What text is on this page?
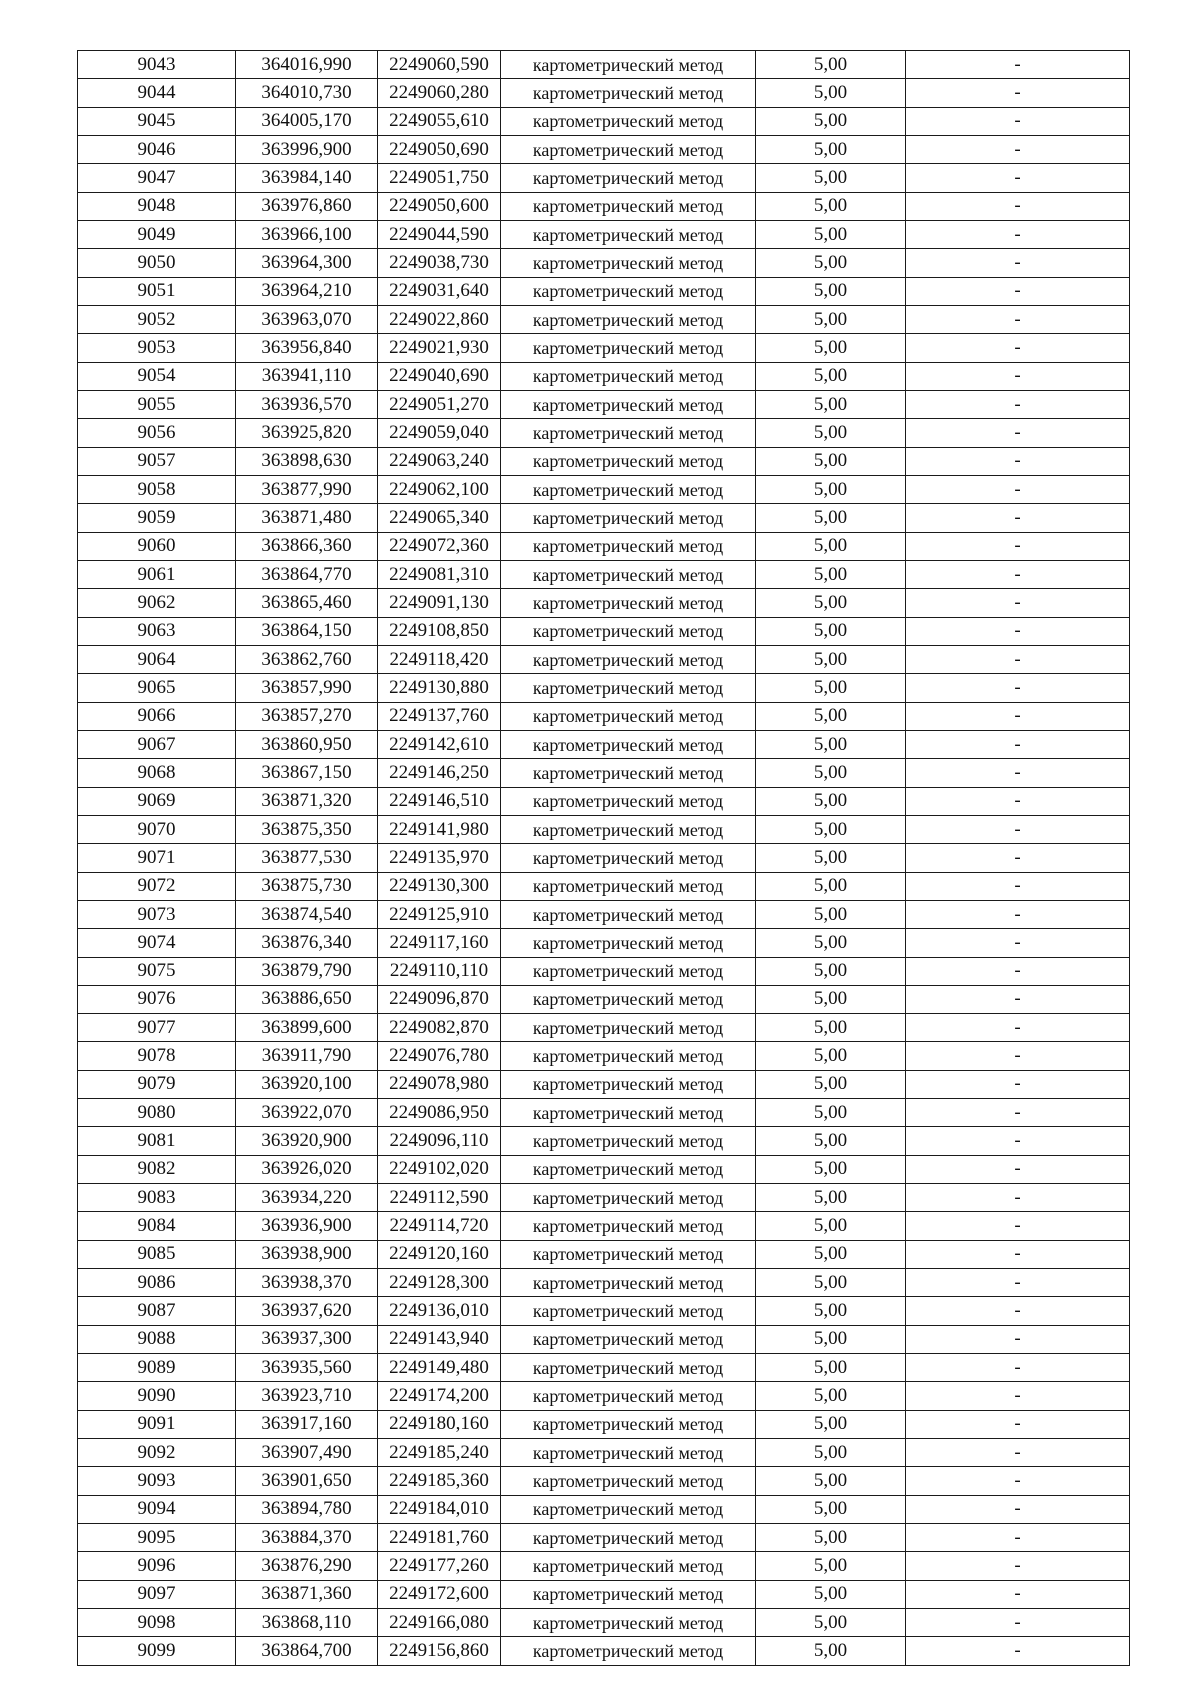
9043	364016,990	2249060,590	картометрический метод	5,00	-
9044	364010,730	2249060,280	картометрический метод	5,00	-
9045	364005,170	2249055,610	картометрический метод	5,00	-
9046	363996,900	2249050,690	картометрический метод	5,00	-
9047	363984,140	2249051,750	картометрический метод	5,00	-
9048	363976,860	2249050,600	картометрический метод	5,00	-
9049	363966,100	2249044,590	картометрический метод	5,00	-
9050	363964,300	2249038,730	картометрический метод	5,00	-
9051	363964,210	2249031,640	картометрический метод	5,00	-
9052	363963,070	2249022,860	картометрический метод	5,00	-
9053	363956,840	2249021,930	картометрический метод	5,00	-
9054	363941,110	2249040,690	картометрический метод	5,00	-
9055	363936,570	2249051,270	картометрический метод	5,00	-
9056	363925,820	2249059,040	картометрический метод	5,00	-
9057	363898,630	2249063,240	картометрический метод	5,00	-
9058	363877,990	2249062,100	картометрический метод	5,00	-
9059	363871,480	2249065,340	картометрический метод	5,00	-
9060	363866,360	2249072,360	картометрический метод	5,00	-
9061	363864,770	2249081,310	картометрический метод	5,00	-
9062	363865,460	2249091,130	картометрический метод	5,00	-
9063	363864,150	2249108,850	картометрический метод	5,00	-
9064	363862,760	2249118,420	картометрический метод	5,00	-
9065	363857,990	2249130,880	картометрический метод	5,00	-
9066	363857,270	2249137,760	картометрический метод	5,00	-
9067	363860,950	2249142,610	картометрический метод	5,00	-
9068	363867,150	2249146,250	картометрический метод	5,00	-
9069	363871,320	2249146,510	картометрический метод	5,00	-
9070	363875,350	2249141,980	картометрический метод	5,00	-
9071	363877,530	2249135,970	картометрический метод	5,00	-
9072	363875,730	2249130,300	картометрический метод	5,00	-
9073	363874,540	2249125,910	картометрический метод	5,00	-
9074	363876,340	2249117,160	картометрический метод	5,00	-
9075	363879,790	2249110,110	картометрический метод	5,00	-
9076	363886,650	2249096,870	картометрический метод	5,00	-
9077	363899,600	2249082,870	картометрический метод	5,00	-
9078	363911,790	2249076,780	картометрический метод	5,00	-
9079	363920,100	2249078,980	картометрический метод	5,00	-
9080	363922,070	2249086,950	картометрический метод	5,00	-
9081	363920,900	2249096,110	картометрический метод	5,00	-
9082	363926,020	2249102,020	картометрический метод	5,00	-
9083	363934,220	2249112,590	картометрический метод	5,00	-
9084	363936,900	2249114,720	картометрический метод	5,00	-
9085	363938,900	2249120,160	картометрический метод	5,00	-
9086	363938,370	2249128,300	картометрический метод	5,00	-
9087	363937,620	2249136,010	картометрический метод	5,00	-
9088	363937,300	2249143,940	картометрический метод	5,00	-
9089	363935,560	2249149,480	картометрический метод	5,00	-
9090	363923,710	2249174,200	картометрический метод	5,00	-
9091	363917,160	2249180,160	картометрический метод	5,00	-
9092	363907,490	2249185,240	картометрический метод	5,00	-
9093	363901,650	2249185,360	картометрический метод	5,00	-
9094	363894,780	2249184,010	картометрический метод	5,00	-
9095	363884,370	2249181,760	картометрический метод	5,00	-
9096	363876,290	2249177,260	картометрический метод	5,00	-
9097	363871,360	2249172,600	картометрический метод	5,00	-
9098	363868,110	2249166,080	картометрический метод	5,00	-
9099	363864,700	2249156,860	картометрический метод	5,00	-
